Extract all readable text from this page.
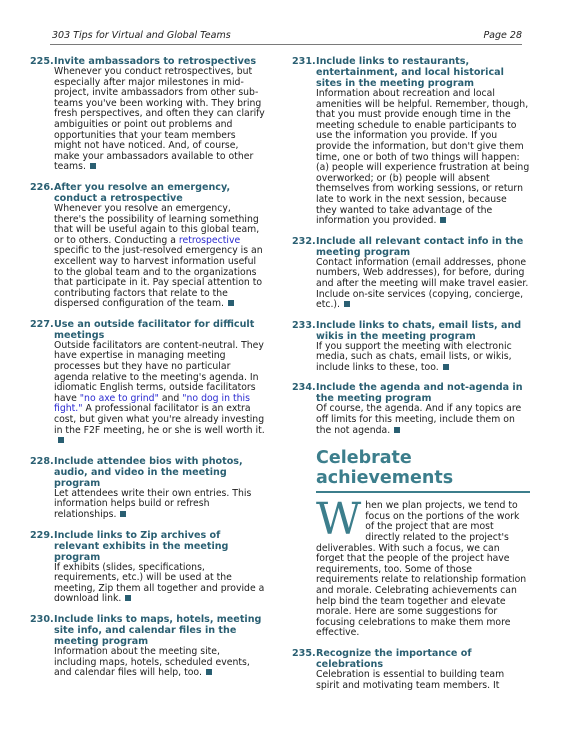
303 Tips for Virtual and Global Teams	Page 28
225. Invite ambassadors to retrospectives
Whenever you conduct retrospectives, but especially after major milestones in mid-project, invite ambassadors from other sub-teams you've been working with. They bring fresh perspectives, and often they can clarify ambiguities or point out problems and opportunities that your team members might not have noticed. And, of course, make your ambassadors available to other teams.
226. After you resolve an emergency, conduct a retrospective
Whenever you resolve an emergency, there's the possibility of learning something that will be useful again to this global team, or to others. Conducting a retrospective specific to the just-resolved emergency is an excellent way to harvest information useful to the global team and to the organizations that participate in it. Pay special attention to contributing factors that relate to the dispersed configuration of the team.
227. Use an outside facilitator for difficult meetings
Outside facilitators are content-neutral. They have expertise in managing meeting processes but they have no particular agenda relative to the meeting's agenda. In idiomatic English terms, outside facilitators have "no axe to grind" and "no dog in this fight." A professional facilitator is an extra cost, but given what you're already investing in the F2F meeting, he or she is well worth it.
228. Include attendee bios with photos, audio, and video in the meeting program
Let attendees write their own entries. This information helps build or refresh relationships.
229. Include links to Zip archives of relevant exhibits in the meeting program
If exhibits (slides, specifications, requirements, etc.) will be used at the meeting, Zip them all together and provide a download link.
230. Include links to maps, hotels, meeting site info, and calendar files in the meeting program
Information about the meeting site, including maps, hotels, scheduled events, and calendar files will help, too.
231. Include links to restaurants, entertainment, and local historical sites in the meeting program
Information about recreation and local amenities will be helpful. Remember, though, that you must provide enough time in the meeting schedule to enable participants to use the information you provide. If you provide the information, but don't give them time, one or both of two things will happen: (a) people will experience frustration at being overworked; or (b) people will absent themselves from working sessions, or return late to work in the next session, because they wanted to take advantage of the information you provided.
232. Include all relevant contact info in the meeting program
Contact information (email addresses, phone numbers, Web addresses), for before, during and after the meeting will make travel easier. Include on-site services (copying, concierge, etc.).
233. Include links to chats, email lists, and wikis in the meeting program
If you support the meeting with electronic media, such as chats, email lists, or wikis, include links to these, too.
234. Include the agenda and not-agenda in the meeting program
Of course, the agenda. And if any topics are off limits for this meeting, include them on the not agenda.
Celebrate achievements
When we plan projects, we tend to focus on the portions of the work of the project that are most directly related to the project's deliverables. With such a focus, we can forget that the people of the project have requirements, too. Some of those requirements relate to relationship formation and morale. Celebrating achievements can help bind the team together and elevate morale. Here are some suggestions for focusing celebrations to make them more effective.
235. Recognize the importance of celebrations
Celebration is essential to building team spirit and motivating team members. It
